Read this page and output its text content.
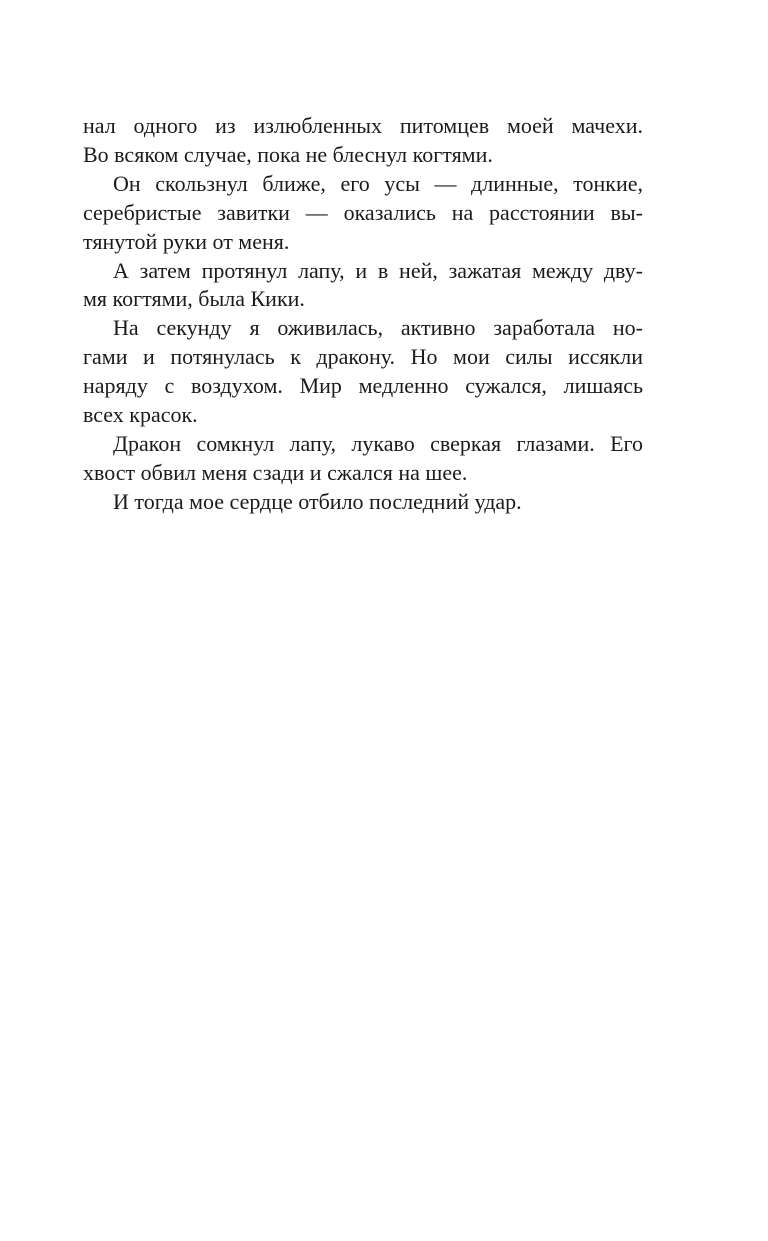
нал одного из излюбленных питомцев моей мачехи.
Во всяком случае, пока не блеснул когтями.
Он скользнул ближе, его усы — длинные, тонкие,
серебристые завитки — оказались на расстоянии вы-
тянутой руки от меня.
А затем протянул лапу, и в ней, зажатая между дву-
мя когтями, была Кики.
На секунду я оживилась, активно заработала но-
гами и потянулась к дракону. Но мои силы иссякли
наряду с воздухом. Мир медленно сужался, лишаясь
всех красок.
Дракон сомкнул лапу, лукаво сверкая глазами. Его
хвост обвил меня сзади и сжался на шее.
И тогда мое сердце отбило последний удар.
